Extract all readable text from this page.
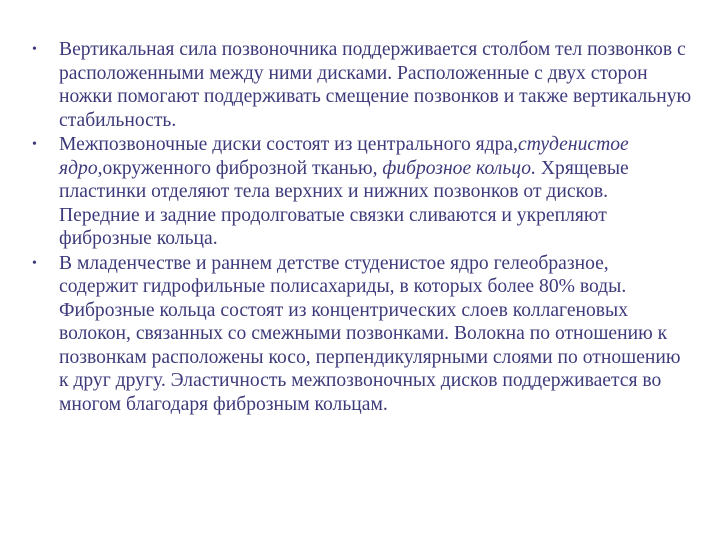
• Вертикальная сила позвоночника поддерживается столбом тел позвонков с расположенными между ними дисками. Расположенные с двух сторон ножки помогают поддерживать смещение позвонков и также вертикальную стабильность.
• Межпозвоночные диски состоят из центрального ядра,студенистое ядро,окруженного фиброзной тканью, фиброзное кольцо. Хрящевые пластинки отделяют тела верхних и нижних позвонков от дисков. Передние и задние продолговатые связки сливаются и укрепляют фиброзные кольца.
• В младенчестве и раннем детстве студенистое ядро гелеобразное, содержит гидрофильные полисахариды, в которых более 80% воды. Фиброзные кольца состоят из концентрических слоев коллагеновых волокон, связанных со смежными позвонками. Волокна по отношению к позвонкам расположены косо, перпендикулярными слоями по отношению к друг другу. Эластичность межпозвоночных дисков поддерживается во многом благодаря фиброзным кольцам.
